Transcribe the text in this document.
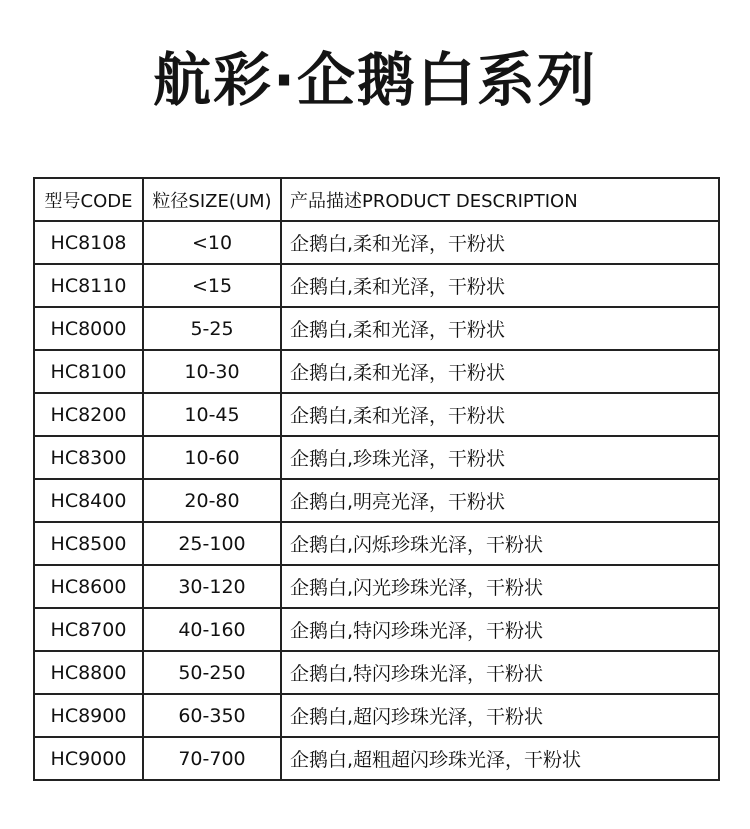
航彩·企鹅白系列
型号CODE	粒径SIZE(UM)	产品描述PRODUCT DESCRIPTION
HC8108	<10	企鹅白,柔和光泽，干粉状
HC8110	<15	企鹅白,柔和光泽，干粉状
HC8000	5-25	企鹅白,柔和光泽，干粉状
HC8100	10-30	企鹅白,柔和光泽，干粉状
HC8200	10-45	企鹅白,柔和光泽，干粉状
HC8300	10-60	企鹅白,珍珠光泽，干粉状
HC8400	20-80	企鹅白,明亮光泽，干粉状
HC8500	25-100	企鹅白,闪烁珍珠光泽，干粉状
HC8600	30-120	企鹅白,闪光珍珠光泽，干粉状
HC8700	40-160	企鹅白,特闪珍珠光泽，干粉状
HC8800	50-250	企鹅白,特闪珍珠光泽，干粉状
HC8900	60-350	企鹅白,超闪珍珠光泽，干粉状
HC9000	70-700	企鹅白,超粗超闪珍珠光泽，干粉状
